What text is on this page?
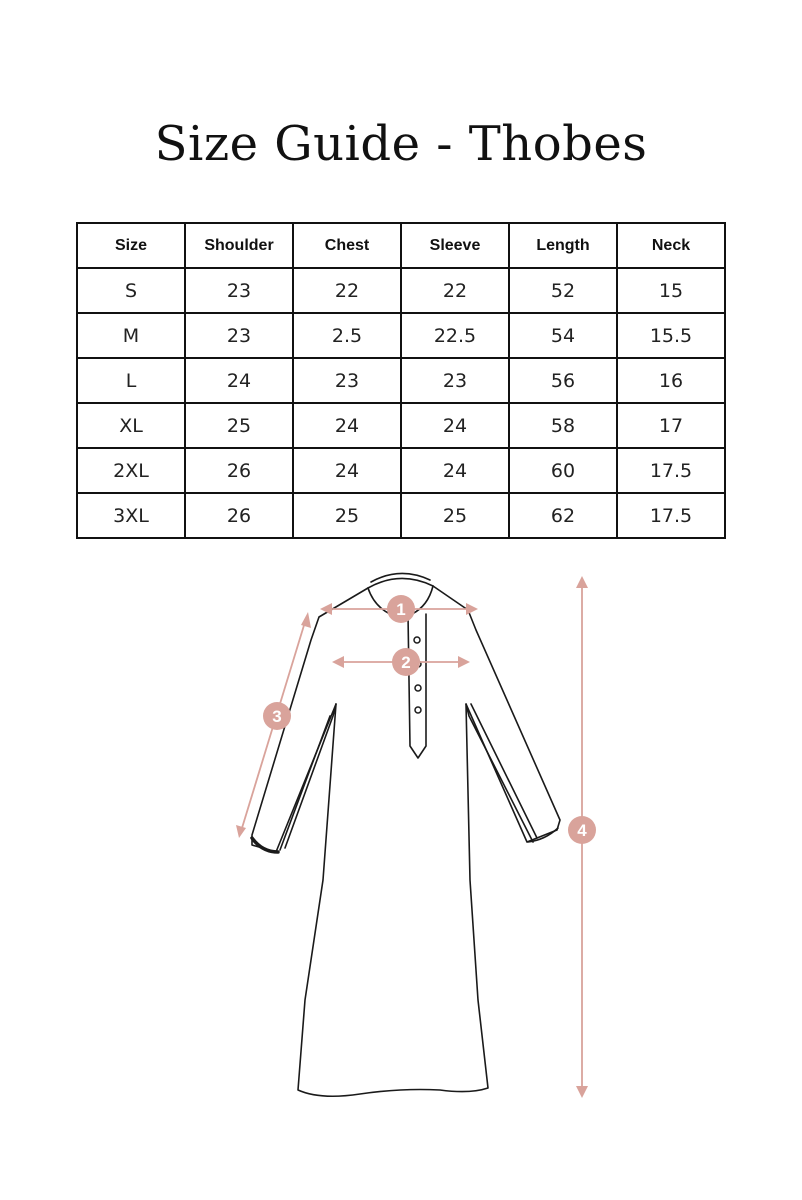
Size Guide - Thobes
Size	Shoulder	Chest	Sleeve	Length	Neck
S	23	22	22	52	15
M	23	2.5	22.5	54	15.5
L	24	23	23	56	16
XL	25	24	24	58	17
2XL	26	24	24	60	17.5
3XL	26	25	25	62	17.5
1
2
3
4
